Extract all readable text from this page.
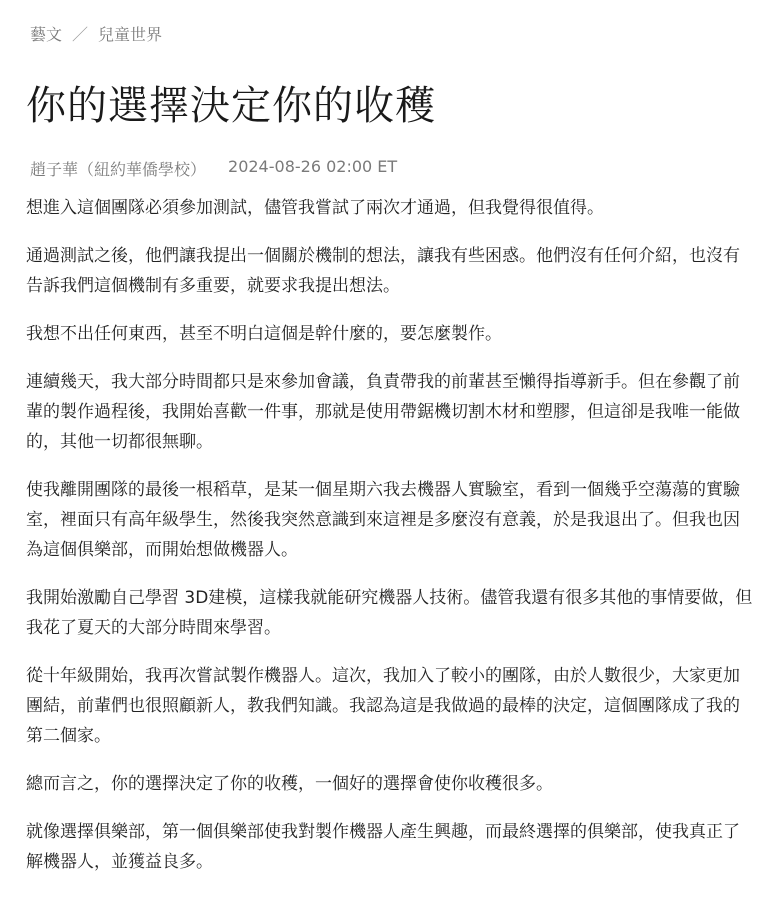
藝文 ／ 兒童世界
你的選擇決定你的收穫
趙子華（紐約華僑學校） 2024-08-26 02:00 ET

想進入這個團隊必須參加測試，儘管我嘗試了兩次才通過，但我覺得很值得。

通過測試之後，他們讓我提出一個關於機制的想法，讓我有些困惑。他們沒有任何介紹，也沒有告訴我們這個機制有多重要，就要求我提出想法。

我想不出任何東西，甚至不明白這個是幹什麼的，要怎麼製作。

連續幾天，我大部分時間都只是來參加會議，負責帶我的前輩甚至懶得指導新手。但在參觀了前輩的製作過程後，我開始喜歡一件事，那就是使用帶鋸機切割木材和塑膠，但這卻是我唯一能做的，其他一切都很無聊。

使我離開團隊的最後一根稻草，是某一個星期六我去機器人實驗室，看到一個幾乎空蕩蕩的實驗室，裡面只有高年級學生，然後我突然意識到來這裡是多麼沒有意義，於是我退出了。但我也因為這個俱樂部，而開始想做機器人。

我開始激勵自己學習 3D建模，這樣我就能研究機器人技術。儘管我還有很多其他的事情要做，但我花了夏天的大部分時間來學習。

從十年級開始，我再次嘗試製作機器人。這次，我加入了較小的團隊，由於人數很少，大家更加團結，前輩們也很照顧新人，教我們知識。我認為這是我做過的最棒的決定，這個團隊成了我的第二個家。

總而言之，你的選擇決定了你的收穫，一個好的選擇會使你收穫很多。

就像選擇俱樂部，第一個俱樂部使我對製作機器人產生興趣，而最終選擇的俱樂部，使我真正了解機器人，並獲益良多。
